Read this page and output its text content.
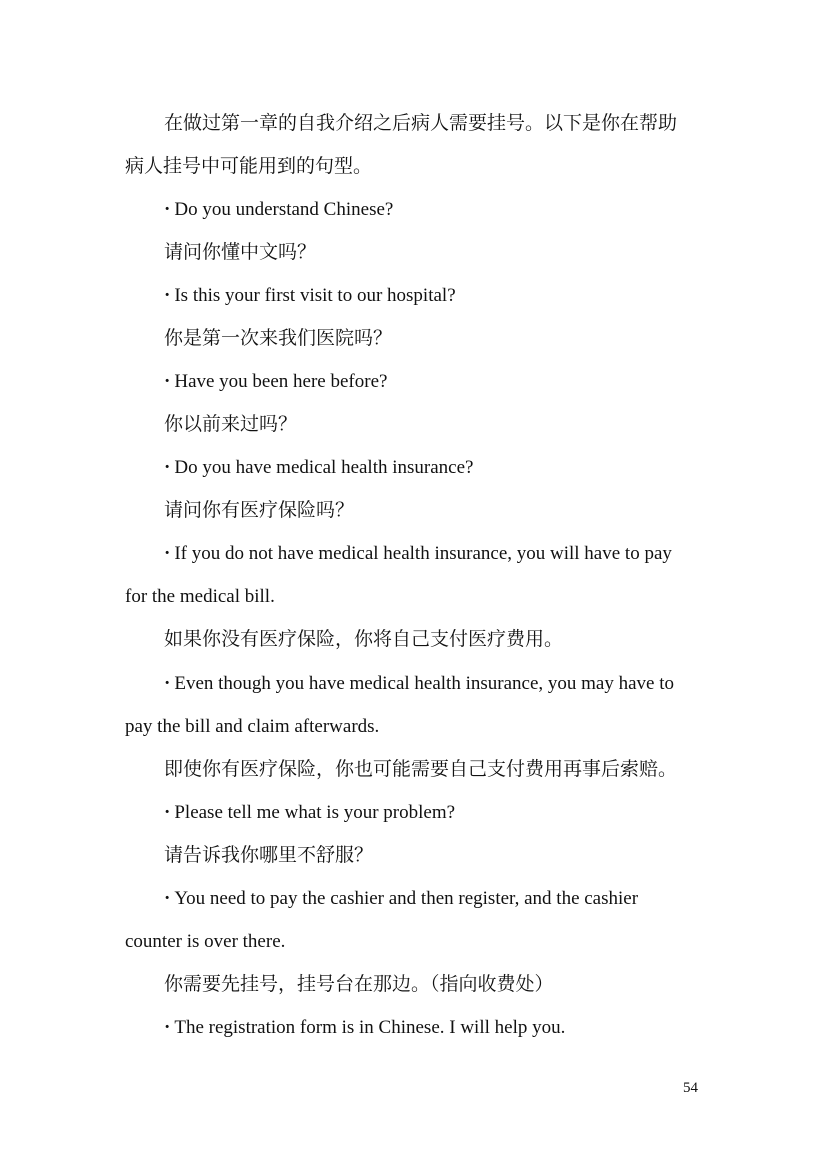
在做过第一章的自我介绍之后病人需要挂号。以下是你在帮助
病人挂号中可能用到的句型。
· Do you understand Chinese?
请问你懂中文吗？
· Is this your first visit to our hospital?
你是第一次来我们医院吗？
· Have you been here before?
你以前来过吗？
· Do you have medical health insurance?
请问你有医疗保险吗？
· If you do not have medical health insurance, you will have to pay
for the medical bill.
如果你没有医疗保险，你将自己支付医疗费用。
· Even though you have medical health insurance, you may have to
pay the bill and claim afterwards.
即使你有医疗保险，你也可能需要自己支付费用再事后索赔。
· Please tell me what is your problem?
请告诉我你哪里不舒服？
· You need to pay the cashier and then register, and the cashier
counter is over there.
你需要先挂号，挂号台在那边。（指向收费处）
· The registration form is in Chinese. I will help you.
54
